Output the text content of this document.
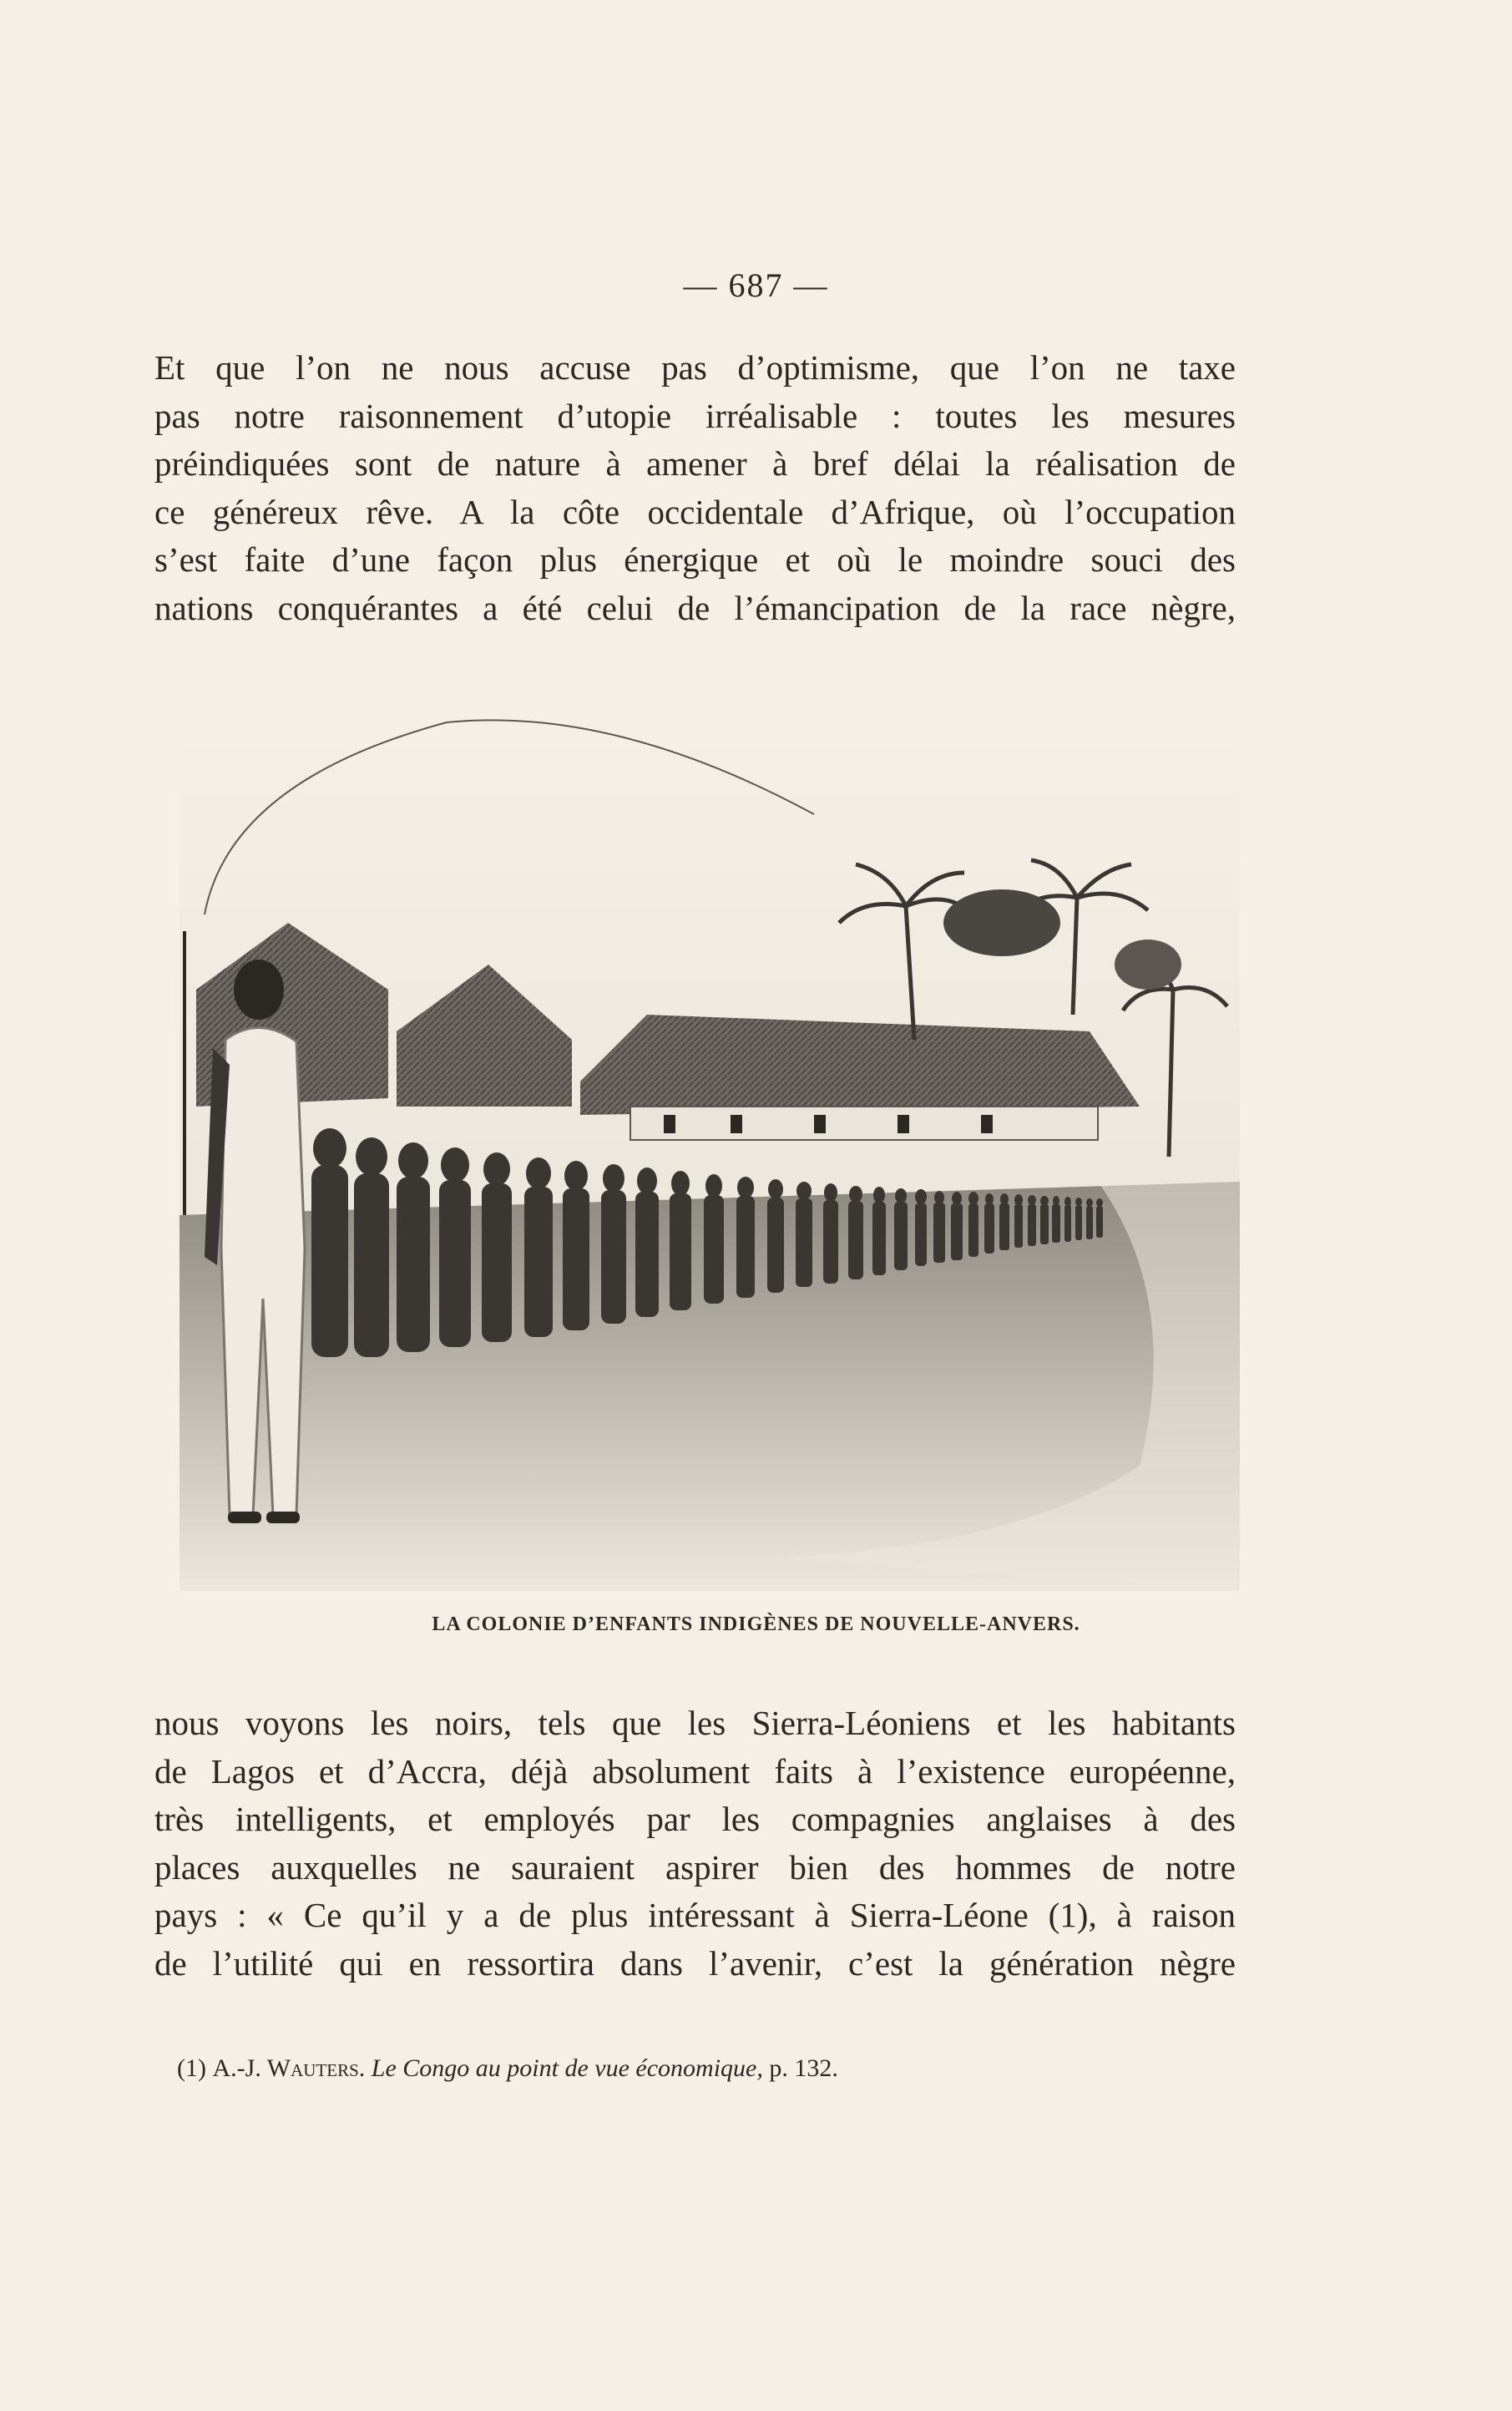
— 687 —
Et que l’on ne nous accuse pas d’optimisme, que l’on ne taxe
pas notre raisonnement d’utopie irréalisable : toutes les mesures
préindiquées sont de nature à amener à bref délai la réalisation de
ce généreux rêve. A la côte occidentale d’Afrique, où l’occupation
s’est faite d’une façon plus énergique et où le moindre souci des
nations conquérantes a été celui de l’émancipation de la race nègre,
LA COLONIE D’ENFANTS INDIGÈNES DE NOUVELLE-ANVERS.
nous voyons les noirs, tels que les Sierra-Léoniens et les habitants
de Lagos et d’Accra, déjà absolument faits à l’existence européenne,
très intelligents, et employés par les compagnies anglaises à des
places auxquelles ne sauraient aspirer bien des hommes de notre
pays : « Ce qu’il y a de plus intéressant à Sierra-Léone (1), à raison
de l’utilité qui en ressortira dans l’avenir, c’est la génération nègre
(1) A.-J. Wauters. Le Congo au point de vue économique, p. 132.
